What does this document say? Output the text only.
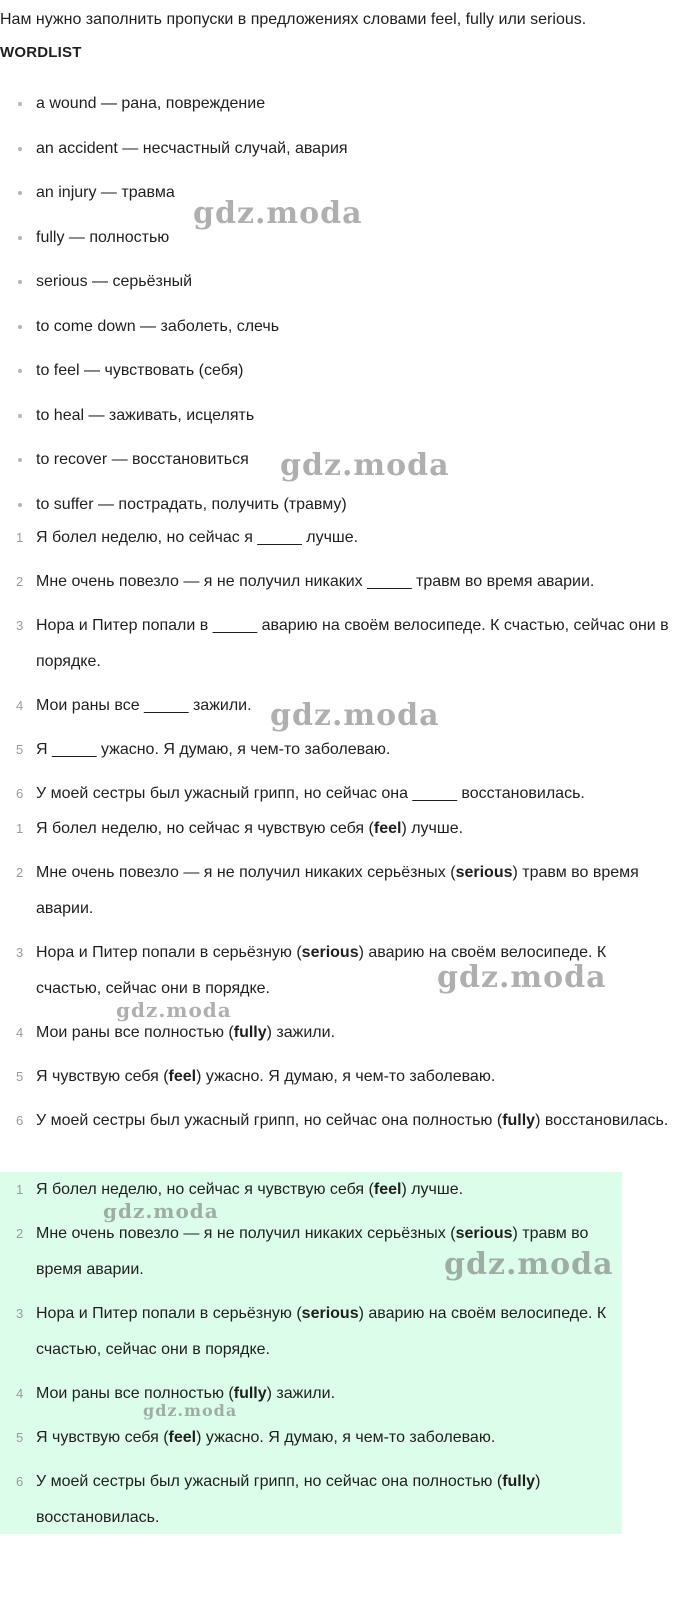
Нам нужно заполнить пропуски в предложениях словами feel, fully или serious.
WORDLIST
a wound — рана, повреждение
an accident — несчастный случай, авария
an injury — травма
fully — полностью
serious — серьёзный
to come down — заболеть, слечь
to feel — чувствовать (себя)
to heal — заживать, исцелять
to recover — восстановиться
to suffer — пострадать, получить (травму)
1 Я болел неделю, но сейчас я _____ лучше.
2 Мне очень повезло — я не получил никаких _____ травм во время аварии.
3 Нора и Питер попали в _____ аварию на своём велосипеде. К счастью, сейчас они в порядке.
4 Мои раны все _____ зажили.
5 Я _____ ужасно. Я думаю, я чем-то заболеваю.
6 У моей сестры был ужасный грипп, но сейчас она _____ восстановилась.
1 Я болел неделю, но сейчас я чувствую себя (feel) лучше.
2 Мне очень повезло — я не получил никаких серьёзных (serious) травм во время аварии.
3 Нора и Питер попали в серьёзную (serious) аварию на своём велосипеде. К счастью, сейчас они в порядке.
4 Мои раны все полностью (fully) зажили.
5 Я чувствую себя (feel) ужасно. Я думаю, я чем-то заболеваю.
6 У моей сестры был ужасный грипп, но сейчас она полностью (fully) восстановилась.
1 Я болел неделю, но сейчас я чувствую себя (feel) лучше.
2 Мне очень повезло — я не получил никаких серьёзных (serious) травм во время аварии.
3 Нора и Питер попали в серьёзную (serious) аварию на своём велосипеде. К счастью, сейчас они в порядке.
4 Мои раны все полностью (fully) зажили.
5 Я чувствую себя (feel) ужасно. Я думаю, я чем-то заболеваю.
6 У моей сестры был ужасный грипп, но сейчас она полностью (fully) восстановилась.
gdz.moda
gdz.moda
gdz.moda
gdz.moda
gdz.moda
gdz.moda
gdz.moda
gdz.moda
